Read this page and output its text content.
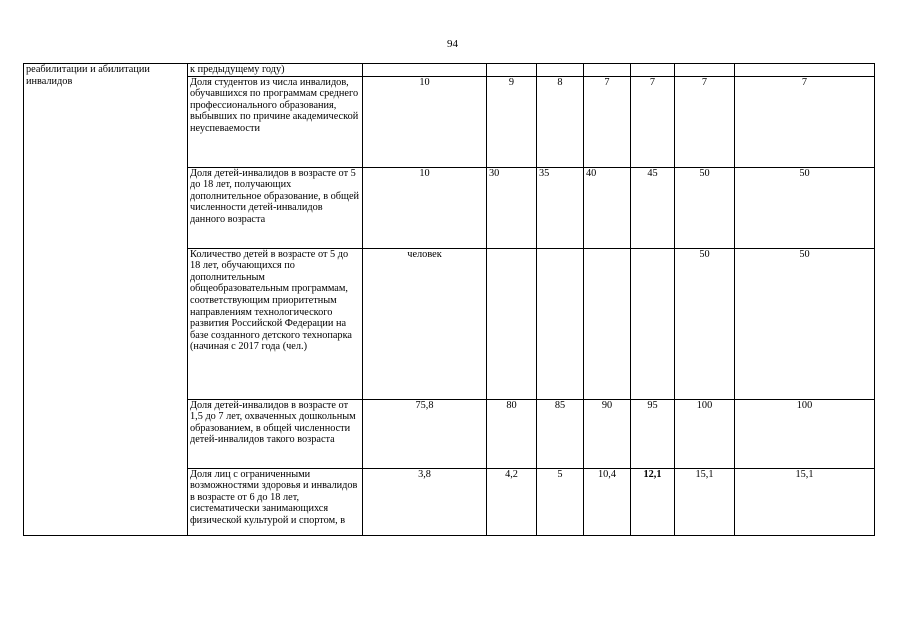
94
реабилитации и абилитации
инвалидов	к предыдущему году)							
	Доля студентов из числа инвалидов, обучавшихся по программам среднего профессионального образования, выбывших по причине академической неуспеваемости	10	9	8	7	7	7	7
	Доля детей-инвалидов в возрасте от 5 до 18 лет, получающих дополнительное образование, в общей численности детей-инвалидов данного возраста	10	30	35	40	45	50	50
	Количество детей в возрасте от 5 до 18 лет, обучающихся по дополнительным общеобразовательным программам, соответствующим приоритетным направлениям технологического развития Российской Федерации на базе созданного детского технопарка (начиная с 2017 года (чел.)	человек					50	50
	Доля детей-инвалидов в возрасте от 1,5 до 7 лет, охваченных дошкольным образованием, в общей численности детей-инвалидов такого возраста	75,8	80	85	90	95	100	100
	Доля лиц с ограниченными возможностями здоровья и инвалидов в возрасте от 6 до 18 лет, систематически занимающихся физической культурой и спортом, в	3,8	4,2	5	10,4	12,1	15,1	15,1
